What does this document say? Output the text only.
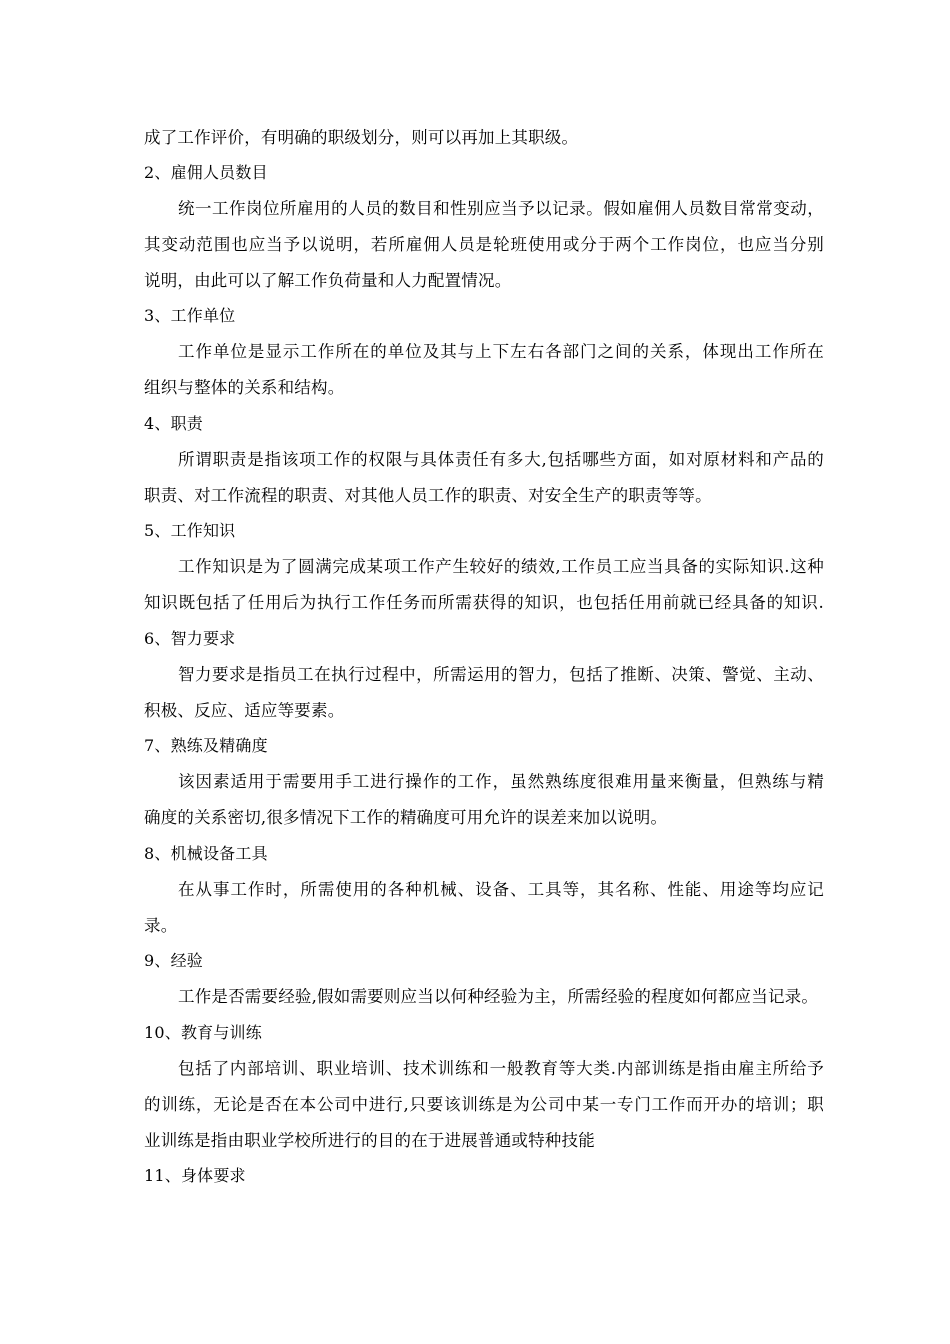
成了工作评价，有明确的职级划分，则可以再加上其职级。
2、雇佣人员数目
统一工作岗位所雇用的人员的数目和性别应当予以记录。假如雇佣人员数目常常变动，
其变动范围也应当予以说明，若所雇佣人员是轮班使用或分于两个工作岗位，也应当分别
说明，由此可以了解工作负荷量和人力配置情况。
3、工作单位
工作单位是显示工作所在的单位及其与上下左右各部门之间的关系，体现出工作所在
组织与整体的关系和结构。
4、职责
所谓职责是指该项工作的权限与具体责任有多大,包括哪些方面，如对原材料和产品的
职责、对工作流程的职责、对其他人员工作的职责、对安全生产的职责等等。
5、工作知识
工作知识是为了圆满完成某项工作产生较好的绩效,工作员工应当具备的实际知识.这种
知识既包括了任用后为执行工作任务而所需获得的知识，也包括任用前就已经具备的知识.
6、智力要求
智力要求是指员工在执行过程中，所需运用的智力，包括了推断、决策、警觉、主动、
积极、反应、适应等要素。
7、熟练及精确度
该因素适用于需要用手工进行操作的工作，虽然熟练度很难用量来衡量，但熟练与精
确度的关系密切,很多情况下工作的精确度可用允许的误差来加以说明。
8、机械设备工具
在从事工作时，所需使用的各种机械、设备、工具等，其名称、性能、用途等均应记
录。
9、经验
工作是否需要经验,假如需要则应当以何种经验为主，所需经验的程度如何都应当记录。
10、教育与训练
包括了内部培训、职业培训、技术训练和一般教育等大类.内部训练是指由雇主所给予
的训练，无论是否在本公司中进行,只要该训练是为公司中某一专门工作而开办的培训；职
业训练是指由职业学校所进行的目的在于进展普通或特种技能
11、身体要求
